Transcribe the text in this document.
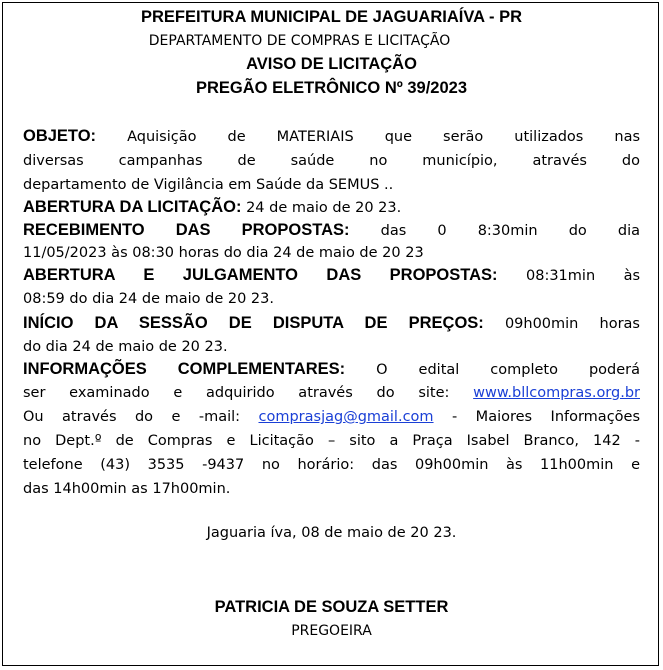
PREFEITURA MUNICIPAL DE JAGUARIAÍVA - PR
DEPARTAMENTO DE COMPRAS E LICITAÇÃO
AVISO DE LICITAÇÃO
PREGÃO ELETRÔNICO Nº 39/2023
OBJETO: Aquisição de MATERIAIS que serão utilizados nas
diversas campanhas de saúde no município, através do
departamento de Vigilância em Saúde da SEMUS ..
ABERTURA DA LICITAÇÃO: 24 de maio de 20 23.
RECEBIMENTO DAS PROPOSTAS: das 0 8:30min do dia
11/05/2023 às 08:30 horas do dia 24 de maio de 20 23
ABERTURA E JULGAMENTO DAS PROPOSTAS: 08:31min às
08:59 do dia 24 de maio de 20 23.
INÍCIO DA SESSÃO DE DISPUTA DE PREÇOS: 09h00min horas
do dia 24 de maio de 20 23.
INFORMAÇÕES COMPLEMENTARES: O edital completo poderá
ser examinado e adquirido através do site: www.bllcompras.org.br
Ou através do e -mail: comprasjag@gmail.com - Maiores Informações
no Dept.º de Compras e Licitação – sito a Praça Isabel Branco, 142 -
telefone (43) 3535 -9437 no horário: das 09h00min às 11h00min e
das 14h00min as 17h00min.
Jaguaria íva, 08 de maio de 20 23.
PATRICIA DE SOUZA SETTER
PREGOEIRA
